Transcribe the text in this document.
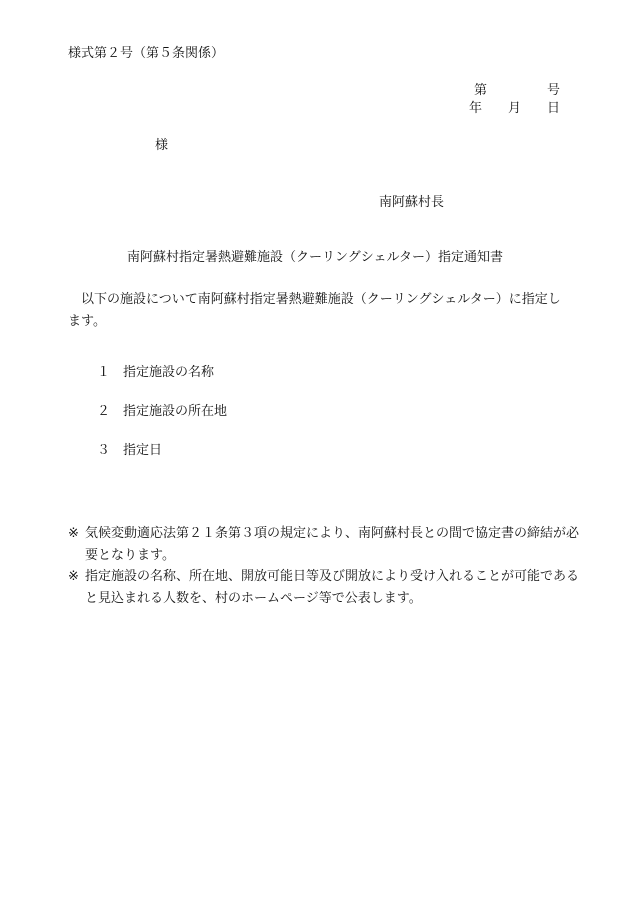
様式第２号（第５条関係）
第	号
年 月 日
様
南阿蘇村長
南阿蘇村指定暑熱避難施設（クーリングシェルター）指定通知書
以下の施設について南阿蘇村指定暑熱避難施設（クーリングシェルター）に指定します。
１ 指定施設の名称
２ 指定施設の所在地
３ 指定日
※ 気候変動適応法第２１条第３項の規定により、南阿蘇村長との間で協定書の締結が必要となります。
※ 指定施設の名称、所在地、開放可能日等及び開放により受け入れることが可能であると見込まれる人数を、村のホームページ等で公表します。
